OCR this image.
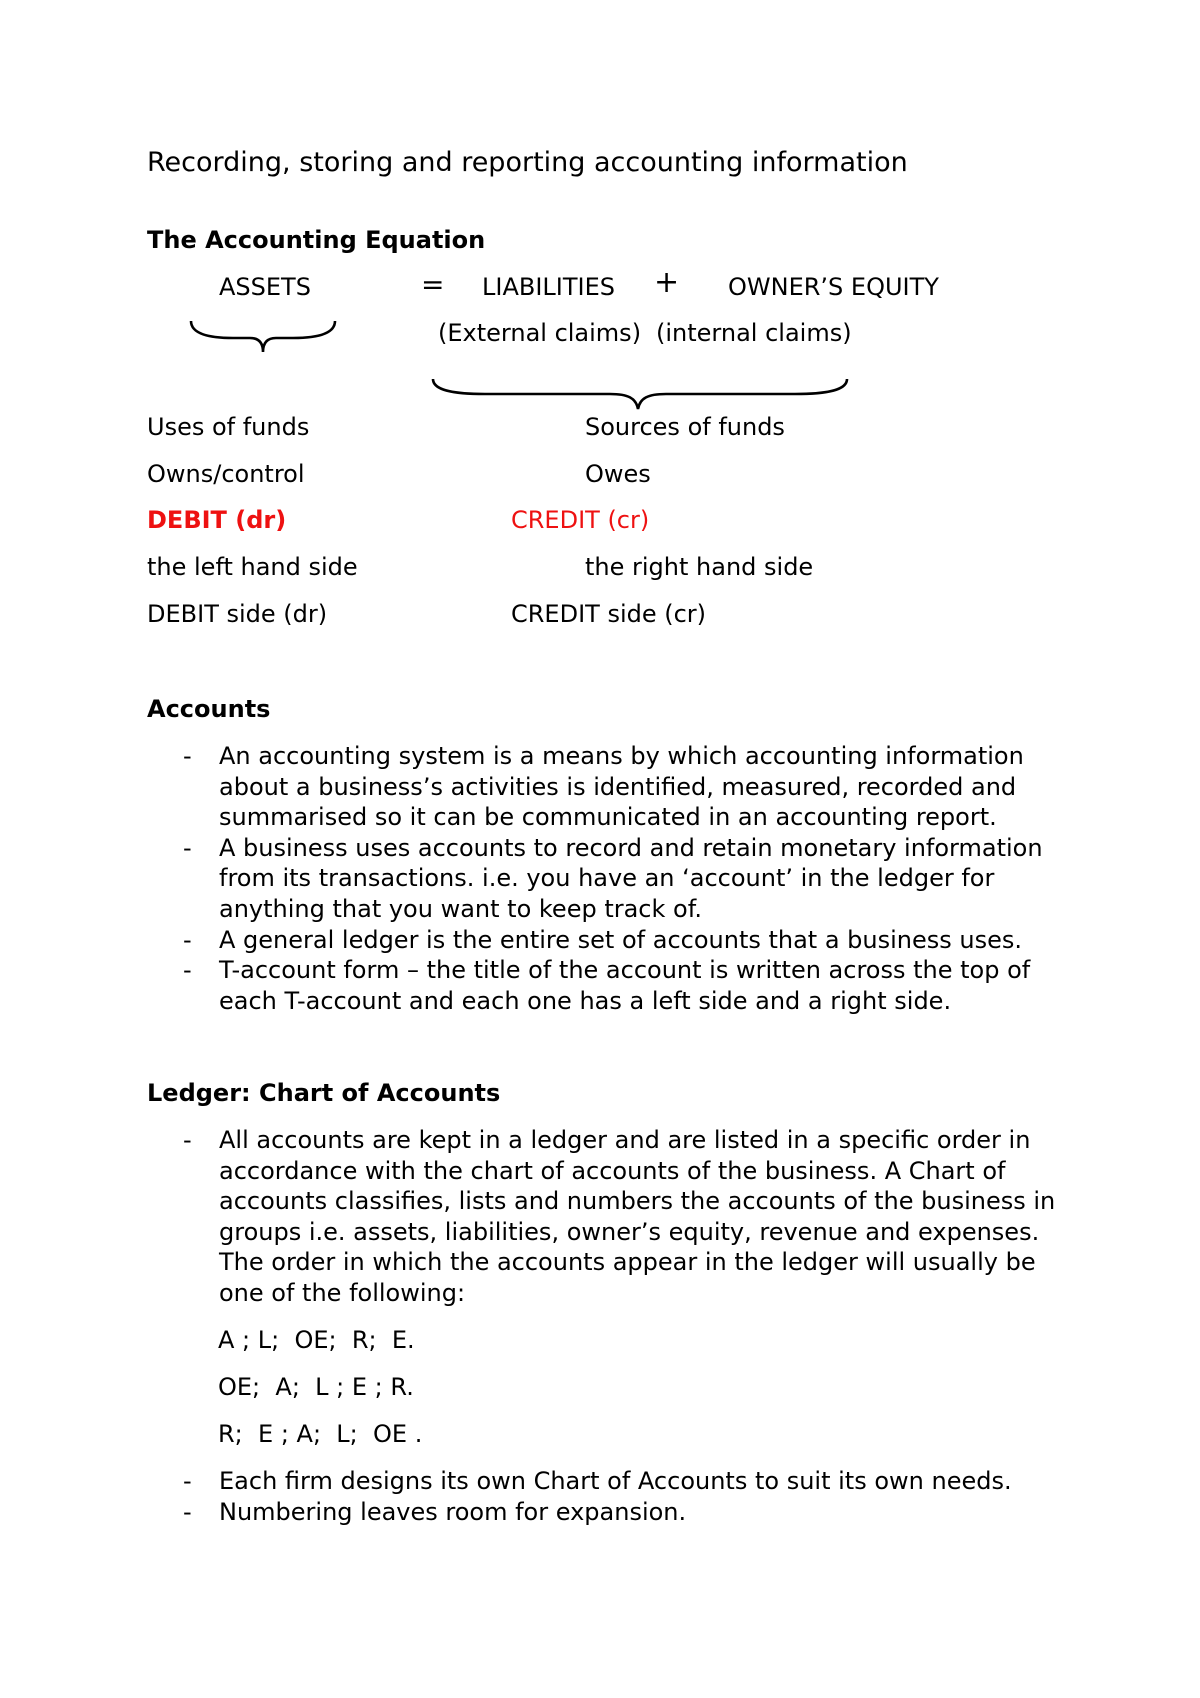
Recording, storing and reporting accounting information
The Accounting Equation
ASSETS	= LIABILITIES + OWNER’S EQUITY
(External claims) (internal claims)
Uses of funds	Sources of funds
Owns/control	Owes
DEBIT (dr)	CREDIT (cr)
the left hand side	the right hand side
DEBIT side (dr)	CREDIT side (cr)
Accounts
- An accounting system is a means by which accounting information about a business’s activities is identified, measured, recorded and summarised so it can be communicated in an accounting report.
- A business uses accounts to record and retain monetary information from its transactions. i.e. you have an ‘account’ in the ledger for anything that you want to keep track of.
- A general ledger is the entire set of accounts that a business uses.
- T-account form – the title of the account is written across the top of each T-account and each one has a left side and a right side.
Ledger: Chart of Accounts
- All accounts are kept in a ledger and are listed in a specific order in accordance with the chart of accounts of the business. A Chart of accounts classifies, lists and numbers the accounts of the business in groups i.e. assets, liabilities, owner’s equity, revenue and expenses. The order in which the accounts appear in the ledger will usually be one of the following:
A ; L;  OE;  R;  E.
OE;  A;  L ; E ; R.
R;  E ; A;  L;  OE .
- Each firm designs its own Chart of Accounts to suit its own needs.
- Numbering leaves room for expansion.
